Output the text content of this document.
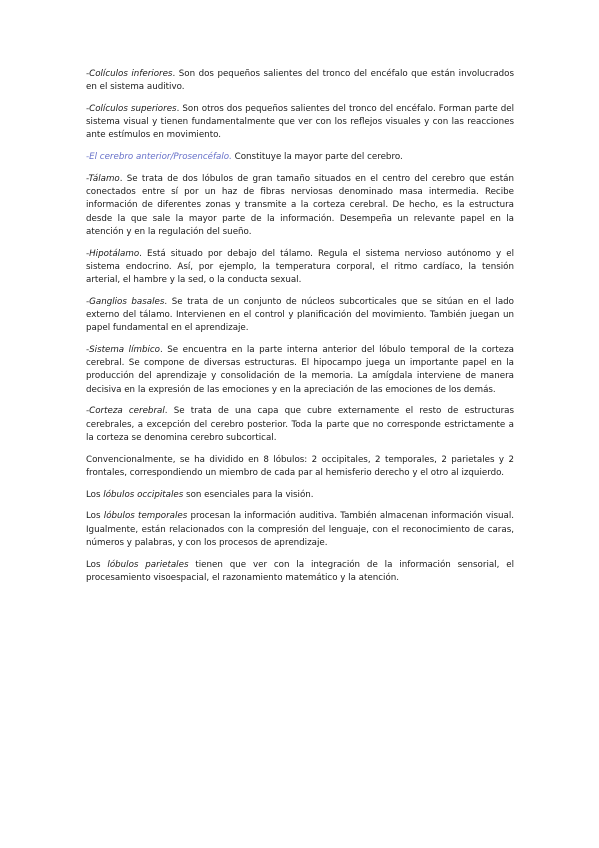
-Colículos inferiores. Son dos pequeños salientes del tronco del encéfalo que están involucrados en el sistema auditivo.

-Colículos superiores. Son otros dos pequeños salientes del tronco del encéfalo. Forman parte del sistema visual y tienen fundamentalmente que ver con los reflejos visuales y con las reacciones ante estímulos en movimiento.

-El cerebro anterior/Prosencéfalo. Constituye la mayor parte del cerebro.

-Tálamo. Se trata de dos lóbulos de gran tamaño situados en el centro del cerebro que están conectados entre sí por un haz de fibras nerviosas denominado masa intermedia. Recibe información de diferentes zonas y transmite a la corteza cerebral. De hecho, es la estructura desde la que sale la mayor parte de la información. Desempeña un relevante papel en la atención y en la regulación del sueño.

-Hipotálamo. Está situado por debajo del tálamo. Regula el sistema nervioso autónomo y el sistema endocrino. Así, por ejemplo, la temperatura corporal, el ritmo cardíaco, la tensión arterial, el hambre y la sed, o la conducta sexual.

-Ganglios basales. Se trata de un conjunto de núcleos subcorticales que se sitúan en el lado externo del tálamo. Intervienen en el control y planificación del movimiento. También juegan un papel fundamental en el aprendizaje.

-Sistema límbico. Se encuentra en la parte interna anterior del lóbulo temporal de la corteza cerebral. Se compone de diversas estructuras. El hipocampo juega un importante papel en la producción del aprendizaje y consolidación de la memoria. La amígdala interviene de manera decisiva en la expresión de las emociones y en la apreciación de las emociones de los demás.

-Corteza cerebral. Se trata de una capa que cubre externamente el resto de estructuras cerebrales, a excepción del cerebro posterior. Toda la parte que no corresponde estrictamente a la corteza se denomina cerebro subcortical.

Convencionalmente, se ha dividido en 8 lóbulos: 2 occipitales, 2 temporales, 2 parietales y 2 frontales, correspondiendo un miembro de cada par al hemisferio derecho y el otro al izquierdo.

Los lóbulos occipitales son esenciales para la visión.

Los lóbulos temporales procesan la información auditiva. También almacenan información visual. Igualmente, están relacionados con la compresión del lenguaje, con el reconocimiento de caras, números y palabras, y con los procesos de aprendizaje.

Los lóbulos parietales tienen que ver con la integración de la información sensorial, el procesamiento visoespacial, el razonamiento matemático y la atención.
